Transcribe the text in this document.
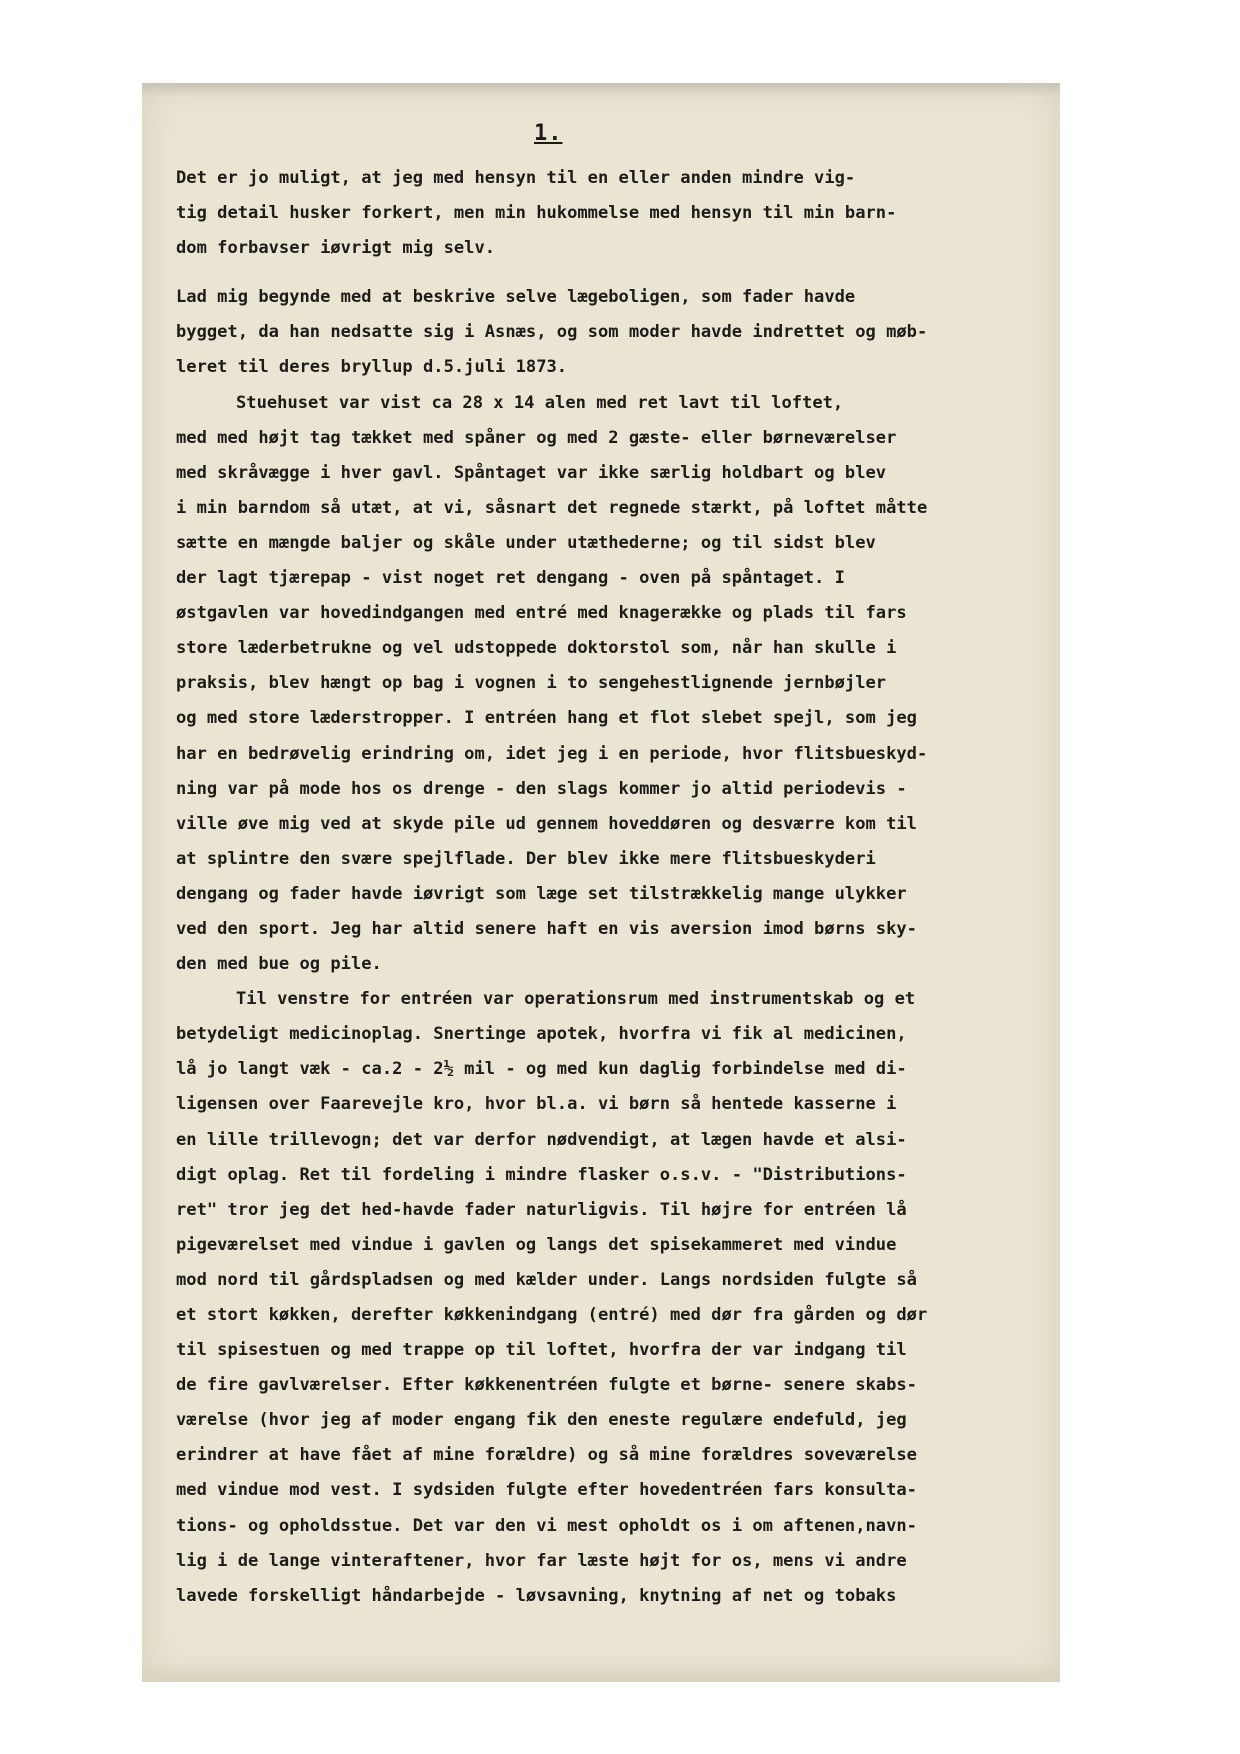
1.
Det er jo muligt, at jeg med hensyn til en eller anden mindre vig-
tig detail husker forkert, men min hukommelse med hensyn til min barn-
dom forbavser iøvrigt mig selv.
Lad mig begynde med at beskrive selve lægeboligen, som fader havde
bygget, da han nedsatte sig i Asnæs, og som moder havde indrettet og møb-
leret til deres bryllup d.5.juli 1873.
Stuehuset var vist ca 28 x 14 alen med ret lavt til loftet,
med med højt tag tækket med spåner og med 2 gæste- eller børneværelser
med skråvægge i hver gavl. Spåntaget var ikke særlig holdbart og blev
i min barndom så utæt, at vi, såsnart det regnede stærkt, på loftet måtte
sætte en mængde baljer og skåle under utæthederne; og til sidst blev
der lagt tjærepap - vist noget ret dengang - oven på spåntaget. I
østgavlen var hovedindgangen med entré med knagerække og plads til fars
store læderbetrukne og vel udstoppede doktorstol som, når han skulle i
praksis, blev hængt op bag i vognen i to sengehestlignende jernbøjler
og med store læderstropper. I entréen hang et flot slebet spejl, som jeg
har en bedrøvelig erindring om, idet jeg i en periode, hvor flitsbueskyd-
ning var på mode hos os drenge - den slags kommer jo altid periodevis -
ville øve mig ved at skyde pile ud gennem hoveddøren og desværre kom til
at splintre den svære spejlflade. Der blev ikke mere flitsbueskyderi
dengang og fader havde iøvrigt som læge set tilstrækkelig mange ulykker
ved den sport. Jeg har altid senere haft en vis aversion imod børns sky-
den med bue og pile.
Til venstre for entréen var operationsrum med instrumentskab og et
betydeligt medicinoplag. Snertinge apotek, hvorfra vi fik al medicinen,
lå jo langt væk - ca.2 - 2½ mil - og med kun daglig forbindelse med di-
ligensen over Faarevejle kro, hvor bl.a. vi børn så hentede kasserne i
en lille trillevogn; det var derfor nødvendigt, at lægen havde et alsi-
digt oplag. Ret til fordeling i mindre flasker o.s.v. - "Distributions-
ret" tror jeg det hed-havde fader naturligvis. Til højre for entréen lå
pigeværelset med vindue i gavlen og langs det spisekammeret med vindue
mod nord til gårdspladsen og med kælder under. Langs nordsiden fulgte så
et stort køkken, derefter køkkenindgang (entré) med dør fra gården og dør
til spisestuen og med trappe op til loftet, hvorfra der var indgang til
de fire gavlværelser. Efter køkkenentréen fulgte et børne- senere skabs-
værelse (hvor jeg af moder engang fik den eneste regulære endefuld, jeg
erindrer at have fået af mine forældre) og så mine forældres soveværelse
med vindue mod vest. I sydsiden fulgte efter hovedentréen fars konsulta-
tions- og opholdsstue. Det var den vi mest opholdt os i om aftenen,navn-
lig i de lange vinteraftener, hvor far læste højt for os, mens vi andre
lavede forskelligt håndarbejde - løvsavning, knytning af net og tobaks
